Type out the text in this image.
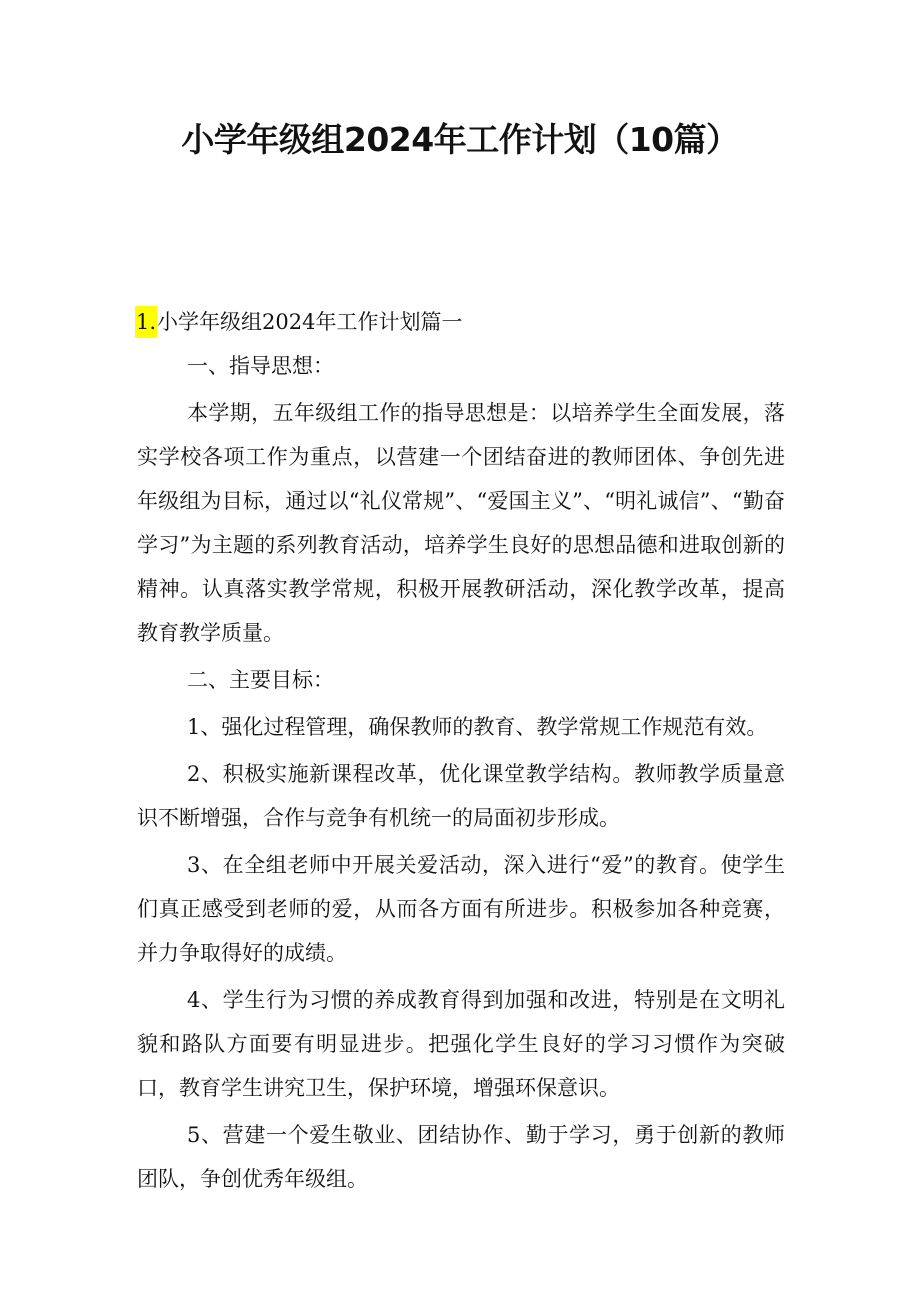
小学年级组2024年工作计划（10篇）
1.小学年级组2024年工作计划篇一

一、指导思想：

本学期，五年级组工作的指导思想是：以培养学生全面发展，落实学校各项工作为重点，以营建一个团结奋进的教师团体、争创先进年级组为目标，通过以“礼仪常规”、“爱国主义”、“明礼诚信”、“勤奋学习”为主题的系列教育活动，培养学生良好的思想品德和进取创新的精神。认真落实教学常规，积极开展教研活动，深化教学改革，提高教育教学质量。

二、主要目标：

1、强化过程管理，确保教师的教育、教学常规工作规范有效。

2、积极实施新课程改革，优化课堂教学结构。教师教学质量意识不断增强，合作与竞争有机统一的局面初步形成。

3、在全组老师中开展关爱活动，深入进行“爱”的教育。使学生们真正感受到老师的爱，从而各方面有所进步。积极参加各种竞赛，并力争取得好的成绩。

4、学生行为习惯的养成教育得到加强和改进，特别是在文明礼貌和路队方面要有明显进步。把强化学生良好的学习习惯作为突破口，教育学生讲究卫生，保护环境，增强环保意识。

5、营建一个爱生敬业、团结协作、勤于学习，勇于创新的教师团队，争创优秀年级组。
